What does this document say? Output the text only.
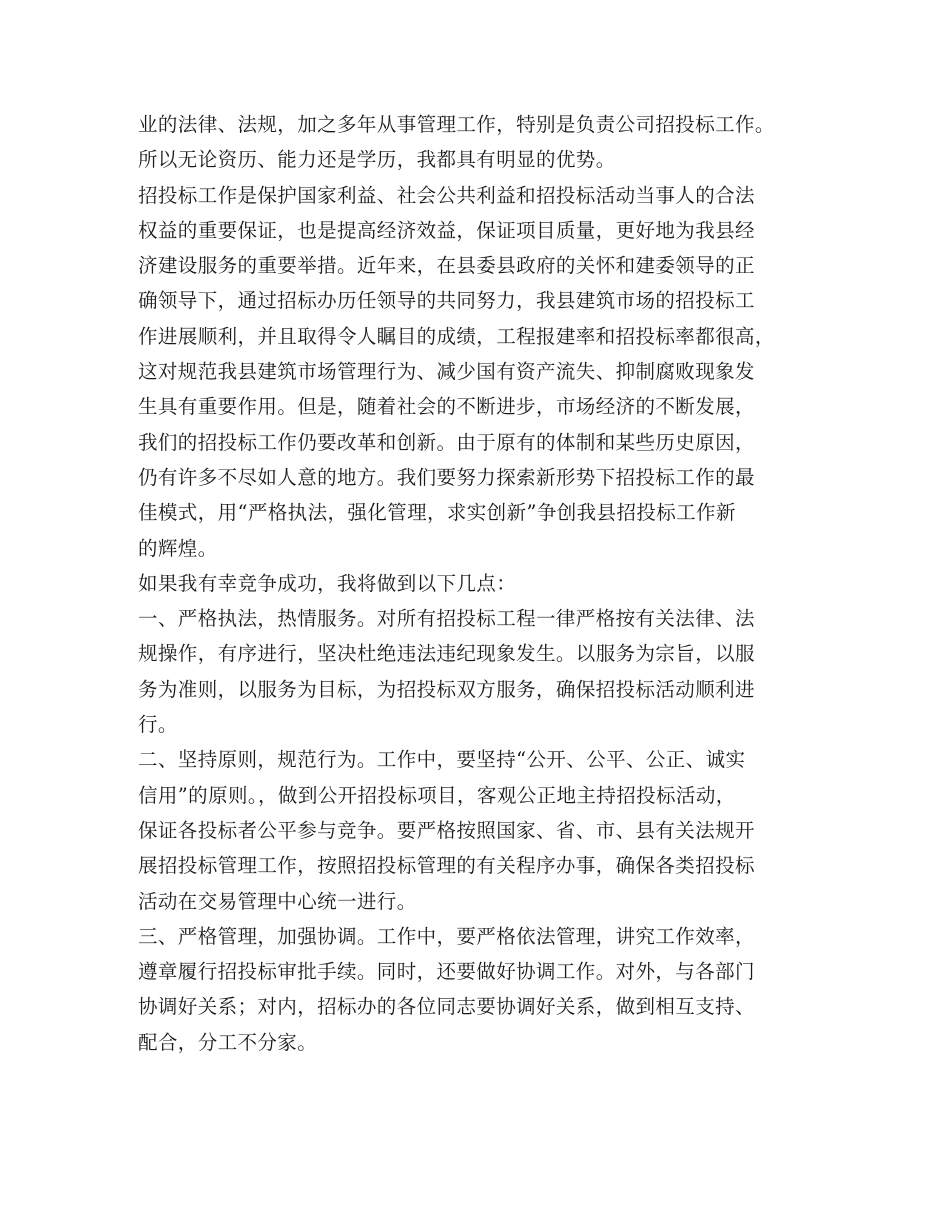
业的法律、法规，加之多年从事管理工作，特别是负责公司招投标工作。
所以无论资历、能力还是学历，我都具有明显的优势。
招投标工作是保护国家利益、社会公共利益和招投标活动当事人的合法
权益的重要保证，也是提高经济效益，保证项目质量，更好地为我县经
济建设服务的重要举措。近年来，在县委县政府的关怀和建委领导的正
确领导下，通过招标办历任领导的共同努力，我县建筑市场的招投标工
作进展顺利，并且取得令人瞩目的成绩，工程报建率和招投标率都很高，
这对规范我县建筑市场管理行为、减少国有资产流失、抑制腐败现象发
生具有重要作用。但是，随着社会的不断进步，市场经济的不断发展，
我们的招投标工作仍要改革和创新。由于原有的体制和某些历史原因，
仍有许多不尽如人意的地方。我们要努力探索新形势下招投标工作的最
佳模式，用“严格执法，强化管理，求实创新”争创我县招投标工作新
的辉煌。
如果我有幸竞争成功，我将做到以下几点：
一、严格执法，热情服务。对所有招投标工程一律严格按有关法律、法
规操作，有序进行，坚决杜绝违法违纪现象发生。以服务为宗旨，以服
务为准则，以服务为目标，为招投标双方服务，确保招投标活动顺利进
行。
二、坚持原则，规范行为。工作中，要坚持“公开、公平、公正、诚实
信用”的原则。，做到公开招投标项目，客观公正地主持招投标活动，
保证各投标者公平参与竞争。要严格按照国家、省、市、县有关法规开
展招投标管理工作，按照招投标管理的有关程序办事，确保各类招投标
活动在交易管理中心统一进行。
三、严格管理，加强协调。工作中，要严格依法管理，讲究工作效率，
遵章履行招投标审批手续。同时，还要做好协调工作。对外，与各部门
协调好关系；对内，招标办的各位同志要协调好关系，做到相互支持、
配合，分工不分家。
